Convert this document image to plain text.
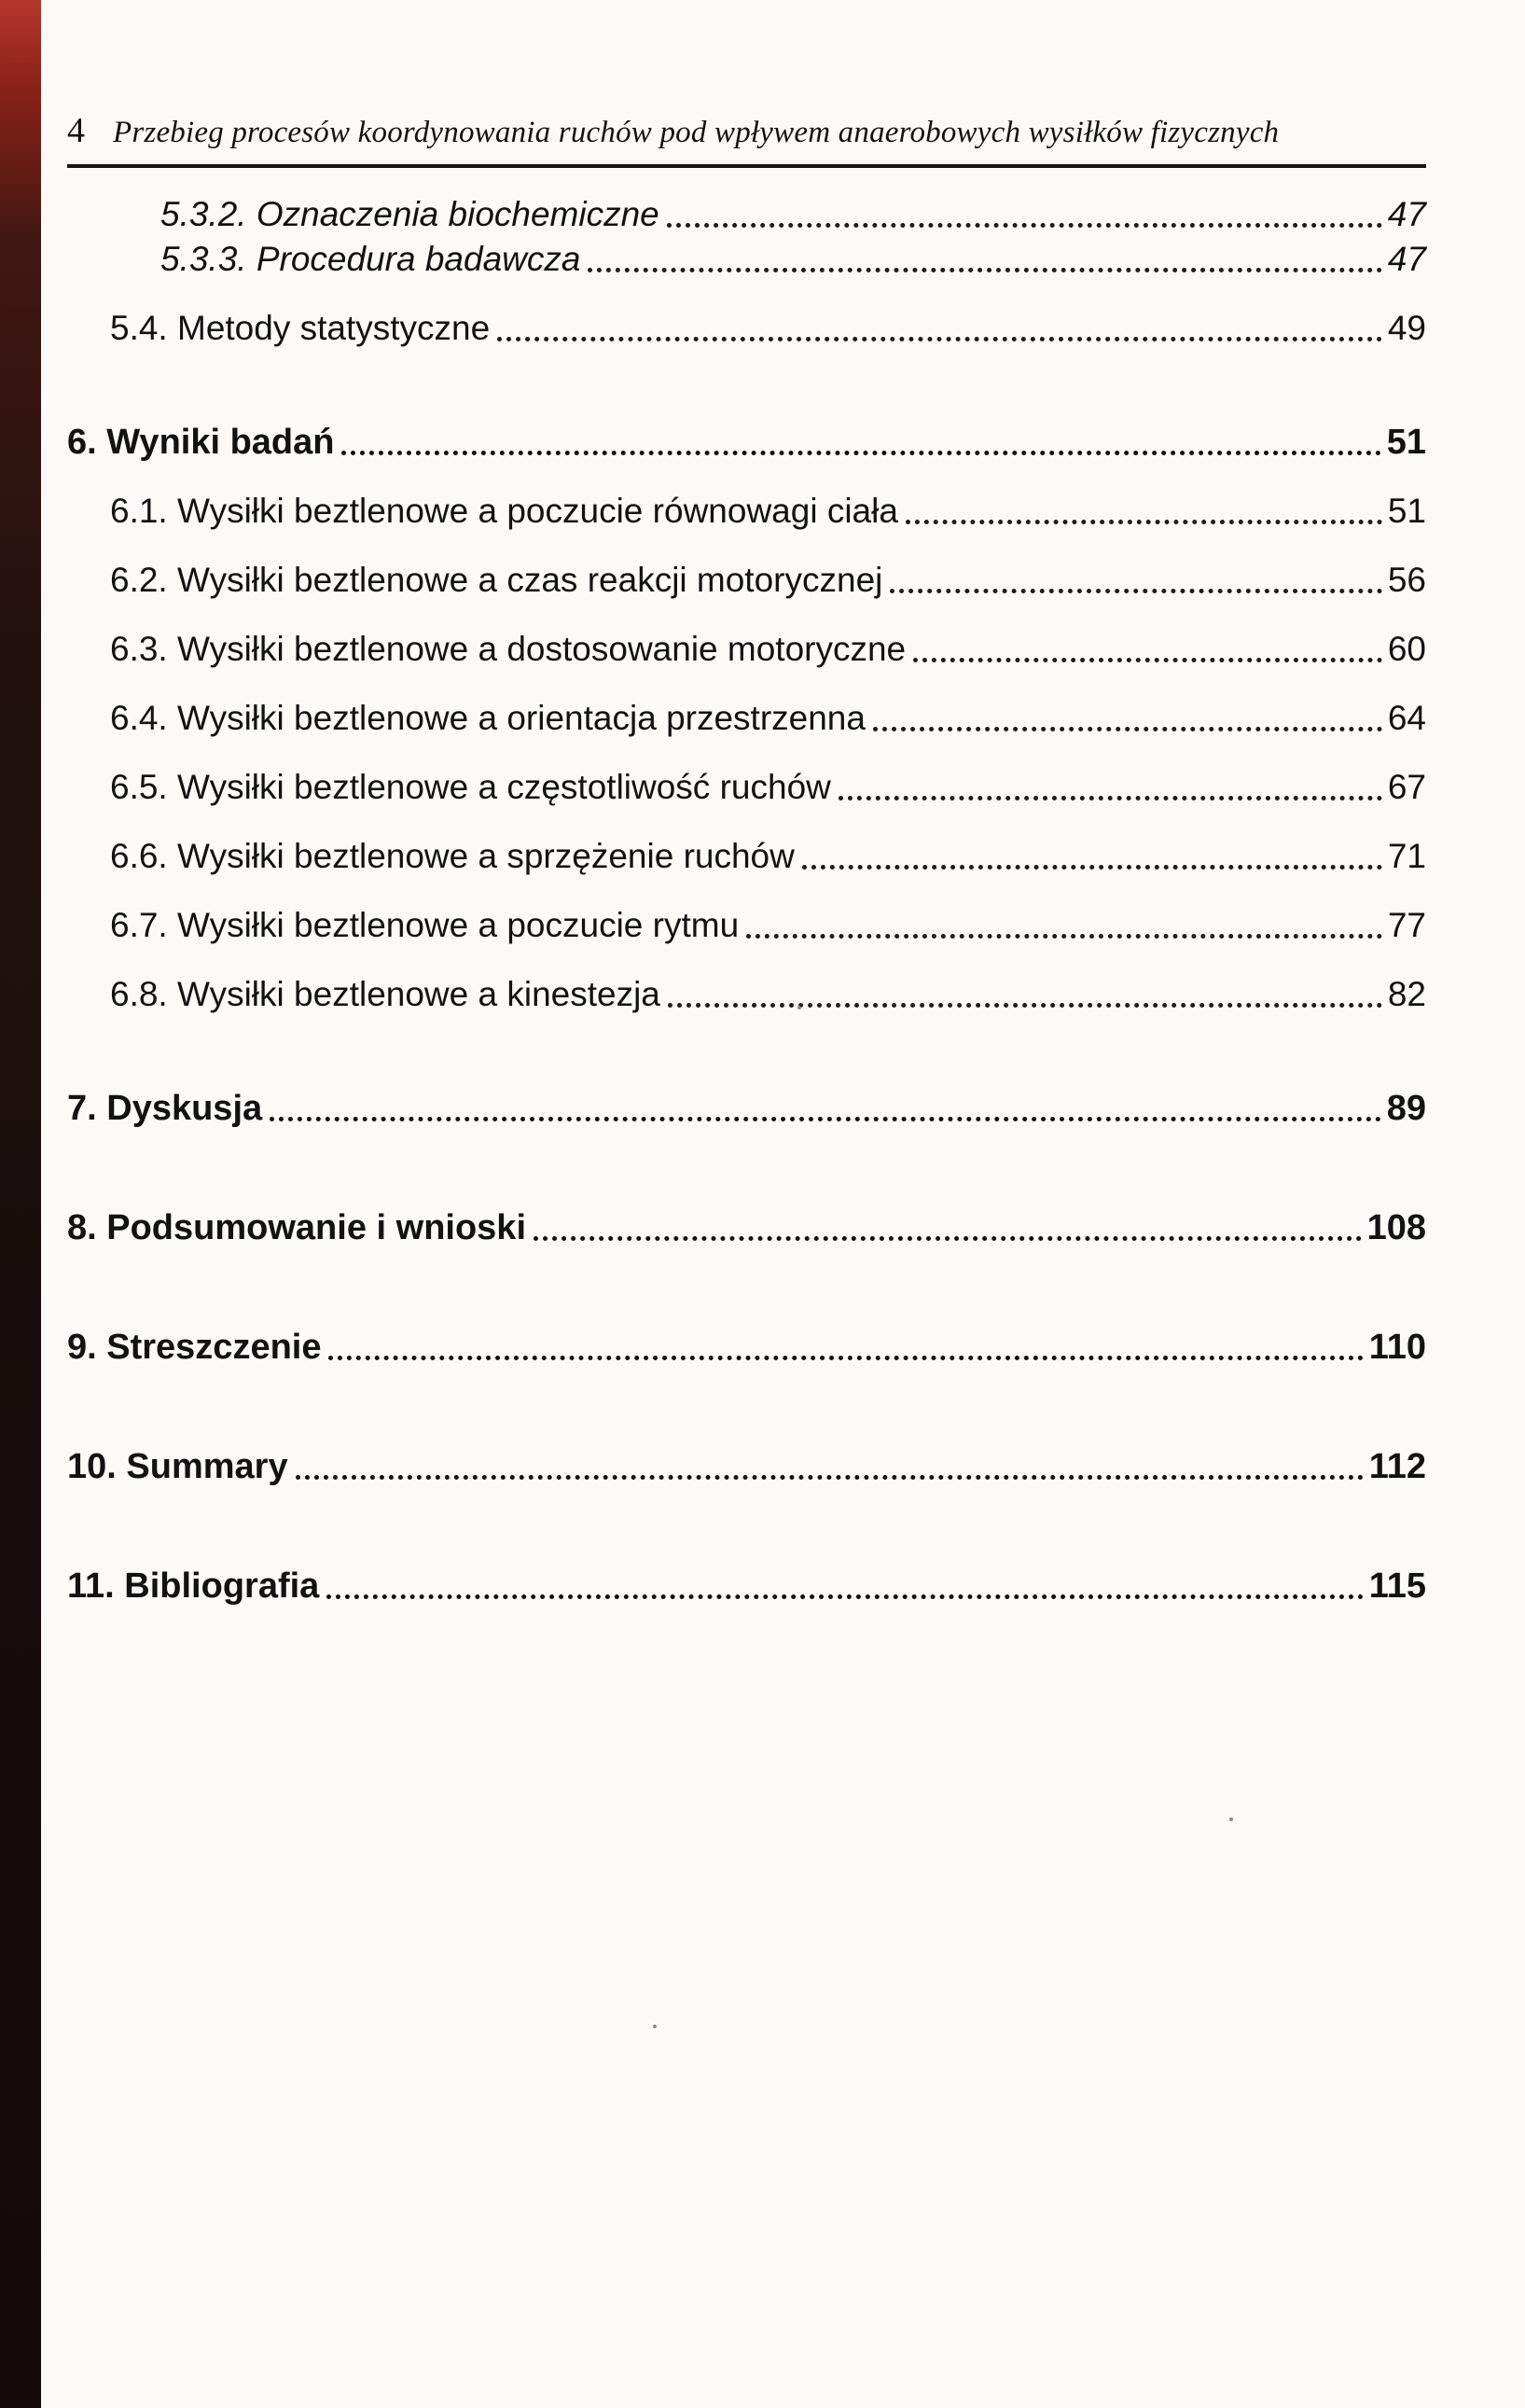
4 Przebieg procesów koordynowania ruchów pod wpływem anaerobowych wysiłków fizycznych
5.3.2. Oznaczenia biochemiczne	47
5.3.3. Procedura badawcza	47
5.4. Metody statystyczne	49
6. Wyniki badań	51
6.1. Wysiłki beztlenowe a poczucie równowagi ciała	51
6.2. Wysiłki beztlenowe a czas reakcji motorycznej	56
6.3. Wysiłki beztlenowe a dostosowanie motoryczne	60
6.4. Wysiłki beztlenowe a orientacja przestrzenna	64
6.5. Wysiłki beztlenowe a częstotliwość ruchów	67
6.6. Wysiłki beztlenowe a sprzężenie ruchów	71
6.7. Wysiłki beztlenowe a poczucie rytmu	77
6.8. Wysiłki beztlenowe a kinestezja	82
7. Dyskusja	89
8. Podsumowanie i wnioski	108
9. Streszczenie	110
10. Summary	112
11. Bibliografia	115
